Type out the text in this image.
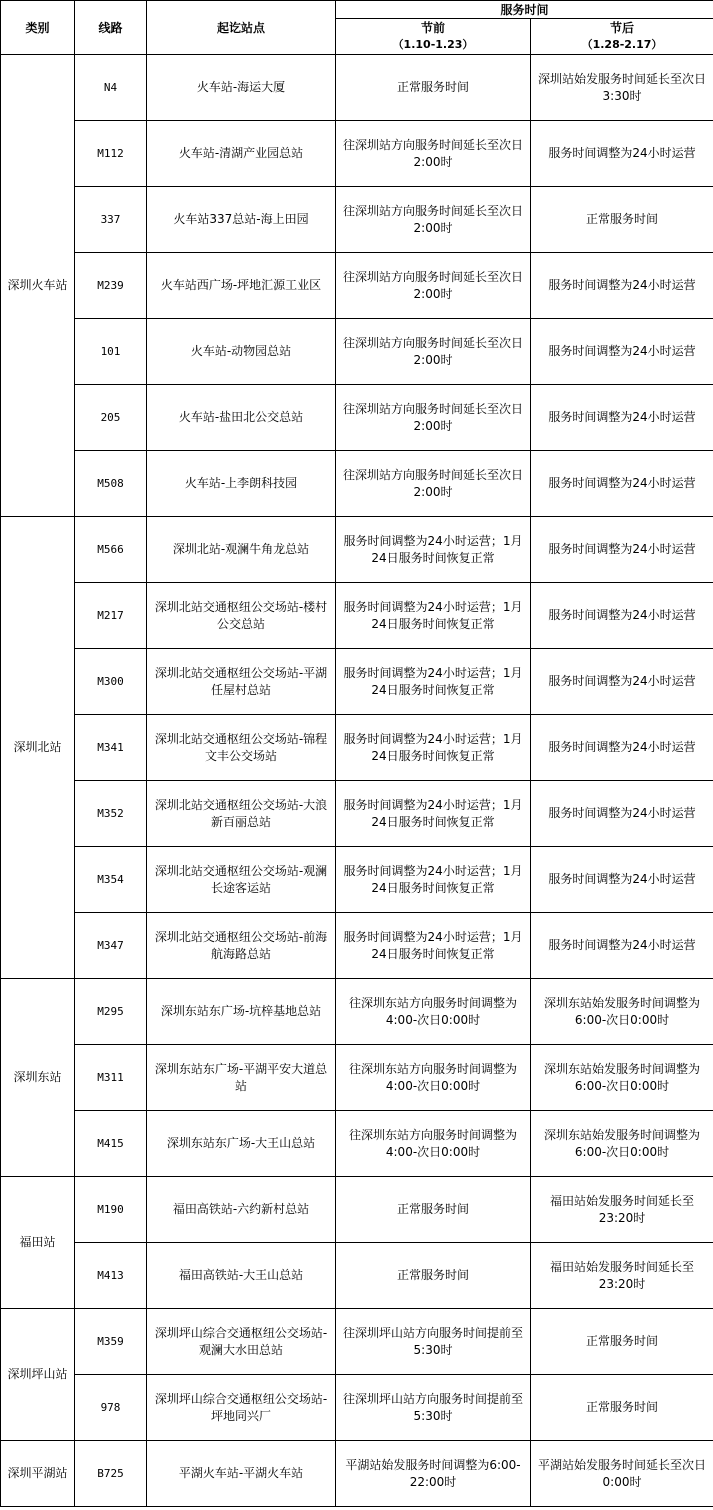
类别	线路	起讫站点	服务时间	
			节前	节后
			（1.10-1.23）	（1.28-2.17）
深圳火车站	N4	火车站-海运大厦	正常服务时间	深圳站始发服务时间延长至次日3:30时
	M112	火车站-清湖产业园总站	往深圳站方向服务时间延长至次日2:00时	服务时间调整为24小时运营
	337	火车站337总站-海上田园	往深圳站方向服务时间延长至次日2:00时	正常服务时间
	M239	火车站西广场-坪地汇源工业区	往深圳站方向服务时间延长至次日2:00时	服务时间调整为24小时运营
	101	火车站-动物园总站	往深圳站方向服务时间延长至次日2:00时	服务时间调整为24小时运营
	205	火车站-盐田北公交总站	往深圳站方向服务时间延长至次日2:00时	服务时间调整为24小时运营
	M508	火车站-上李朗科技园	往深圳站方向服务时间延长至次日2:00时	服务时间调整为24小时运营
深圳北站	M566	深圳北站-观澜牛角龙总站	服务时间调整为24小时运营；1月24日服务时间恢复正常	服务时间调整为24小时运营
	M217	深圳北站交通枢纽公交场站-楼村公交总站	服务时间调整为24小时运营；1月24日服务时间恢复正常	服务时间调整为24小时运营
	M300	深圳北站交通枢纽公交场站-平湖任屋村总站	服务时间调整为24小时运营；1月24日服务时间恢复正常	服务时间调整为24小时运营
	M341	深圳北站交通枢纽公交场站-锦程文丰公交场站	服务时间调整为24小时运营；1月24日服务时间恢复正常	服务时间调整为24小时运营
	M352	深圳北站交通枢纽公交场站-大浪新百丽总站	服务时间调整为24小时运营；1月24日服务时间恢复正常	服务时间调整为24小时运营
	M354	深圳北站交通枢纽公交场站-观澜长途客运站	服务时间调整为24小时运营；1月24日服务时间恢复正常	服务时间调整为24小时运营
	M347	深圳北站交通枢纽公交场站-前海航海路总站	服务时间调整为24小时运营；1月24日服务时间恢复正常	服务时间调整为24小时运营
深圳东站	M295	深圳东站东广场-坑梓基地总站	往深圳东站方向服务时间调整为4:00-次日0:00时	深圳东站始发服务时间调整为6:00-次日0:00时
	M311	深圳东站东广场-平湖平安大道总站	往深圳东站方向服务时间调整为4:00-次日0:00时	深圳东站始发服务时间调整为6:00-次日0:00时
	M415	深圳东站东广场-大王山总站	往深圳东站方向服务时间调整为4:00-次日0:00时	深圳东站始发服务时间调整为6:00-次日0:00时
福田站	M190	福田高铁站-六约新村总站	正常服务时间	福田站始发服务时间延长至23:20时
	M413	福田高铁站-大王山总站	正常服务时间	福田站始发服务时间延长至23:20时
深圳坪山站	M359	深圳坪山综合交通枢纽公交场站-观澜大水田总站	往深圳坪山站方向服务时间提前至5:30时	正常服务时间
	978	深圳坪山综合交通枢纽公交场站-坪地同兴厂	往深圳坪山站方向服务时间提前至5:30时	正常服务时间
深圳平湖站	B725	平湖火车站-平湖火车站	平湖站始发服务时间调整为6:00-22:00时	平湖站始发服务时间延长至次日0:00时
